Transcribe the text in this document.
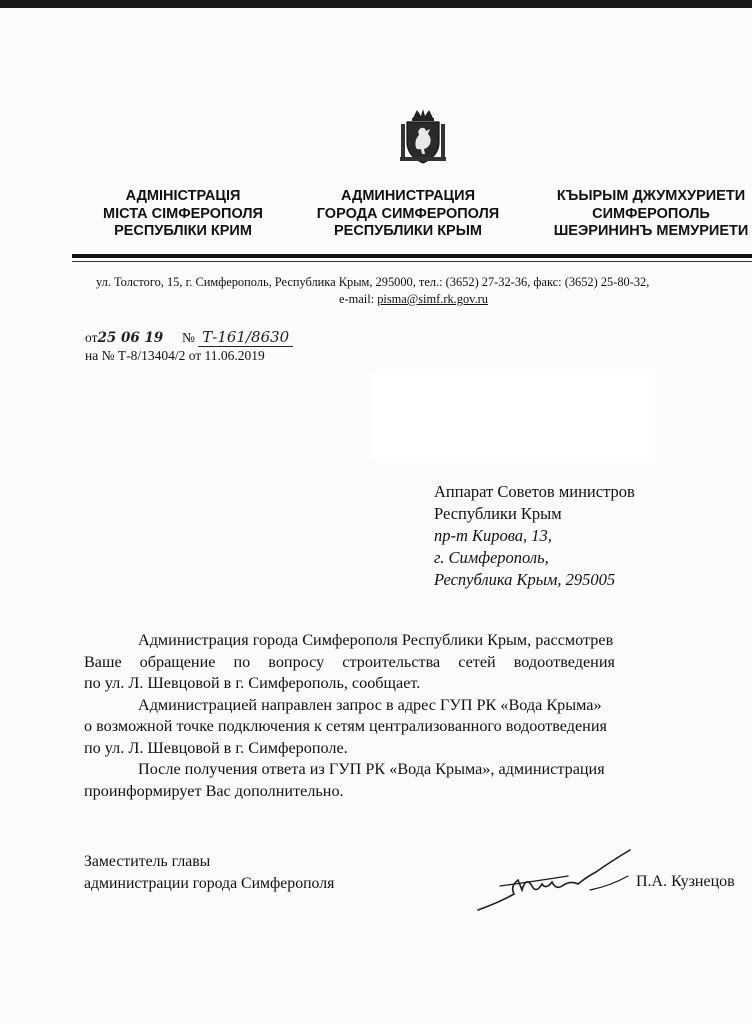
АДМІНІСТРАЦІЯ
МІСТА СІМФЕРОПОЛЯ
РЕСПУБЛІКИ КРИМ
АДМИНИСТРАЦИЯ
ГОРОДА СИМФЕРОПОЛЯ
РЕСПУБЛИКИ КРЫМ
КЪЫРЫМ ДЖУМХУРИЕТИ
СИМФЕРОПОЛЬ
ШЕЭРИНИНЪ МЕМУРИЕТИ
ул. Толстого, 15, г. Симферополь, Республика Крым, 295000, тел.: (3652) 27-32-36, факс: (3652) 25-80-32,
e-mail: pisma@simf.rk.gov.ru
от25 06 19 № Т-161/8630
на № Т-8/13404/2 от 11.06.2019
Аппарат Советов министров
Республики Крым
пр-т Кирова, 13,
г. Симферополь,
Республика Крым, 295005

Администрация города Симферополя Республики Крым, рассмотрев

Ваше обращение по вопросу строительства сетей водоотведения

по ул. Л. Шевцовой в г. Симферополь, сообщает.

Администрацией направлен запрос в адрес ГУП РК «Вода Крыма»

о возможной точке подключения к сетям централизованного водоотведения

по ул. Л. Шевцовой в г. Симферополе.

После получения ответа из ГУП РК «Вода Крыма», администрация

проинформирует Вас дополнительно.

Заместитель главы
администрации города Симферополя	П.А. Кузнецов
